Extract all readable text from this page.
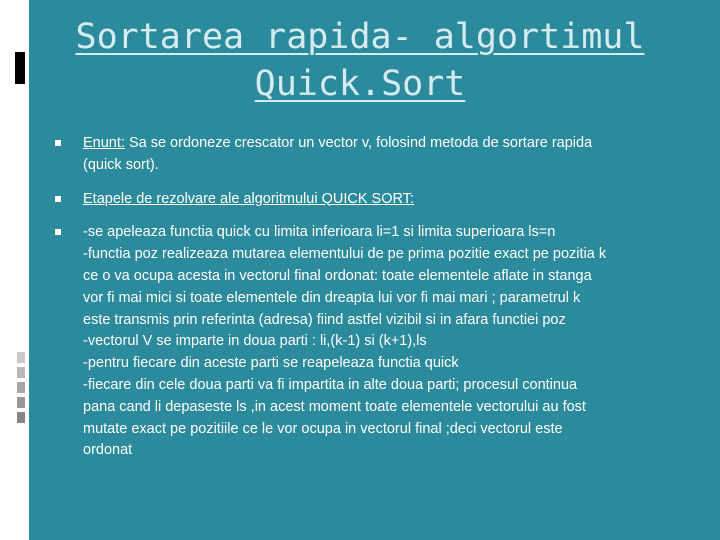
Sortarea rapida- algortimul
Quick.Sort
Enunt: Sa se ordoneze crescator un vector v, folosind metoda de sortare rapida
(quick sort).
Etapele de rezolvare ale algoritmului QUICK SORT:
-se apeleaza functia quick cu limita inferioara li=1 si limita superioara ls=n
-functia poz realizeaza mutarea elementului de pe prima pozitie exact pe pozitia k
ce o va ocupa acesta in vectorul final ordonat: toate elementele aflate in stanga
vor fi mai mici si toate elementele din dreapta lui vor fi mai mari ; parametrul k
este transmis prin referinta (adresa) fiind astfel vizibil si in afara functiei poz
-vectorul V se imparte in doua parti : li,(k-1) si (k+1),ls
-pentru fiecare din aceste parti se reapeleaza functia quick
-fiecare din cele doua parti va fi impartita in alte doua parti; procesul continua
pana cand li depaseste ls ,in acest moment toate elementele vectorului au fost
mutate exact pe pozitiile ce le vor ocupa in vectorul final ;deci vectorul este
ordonat
